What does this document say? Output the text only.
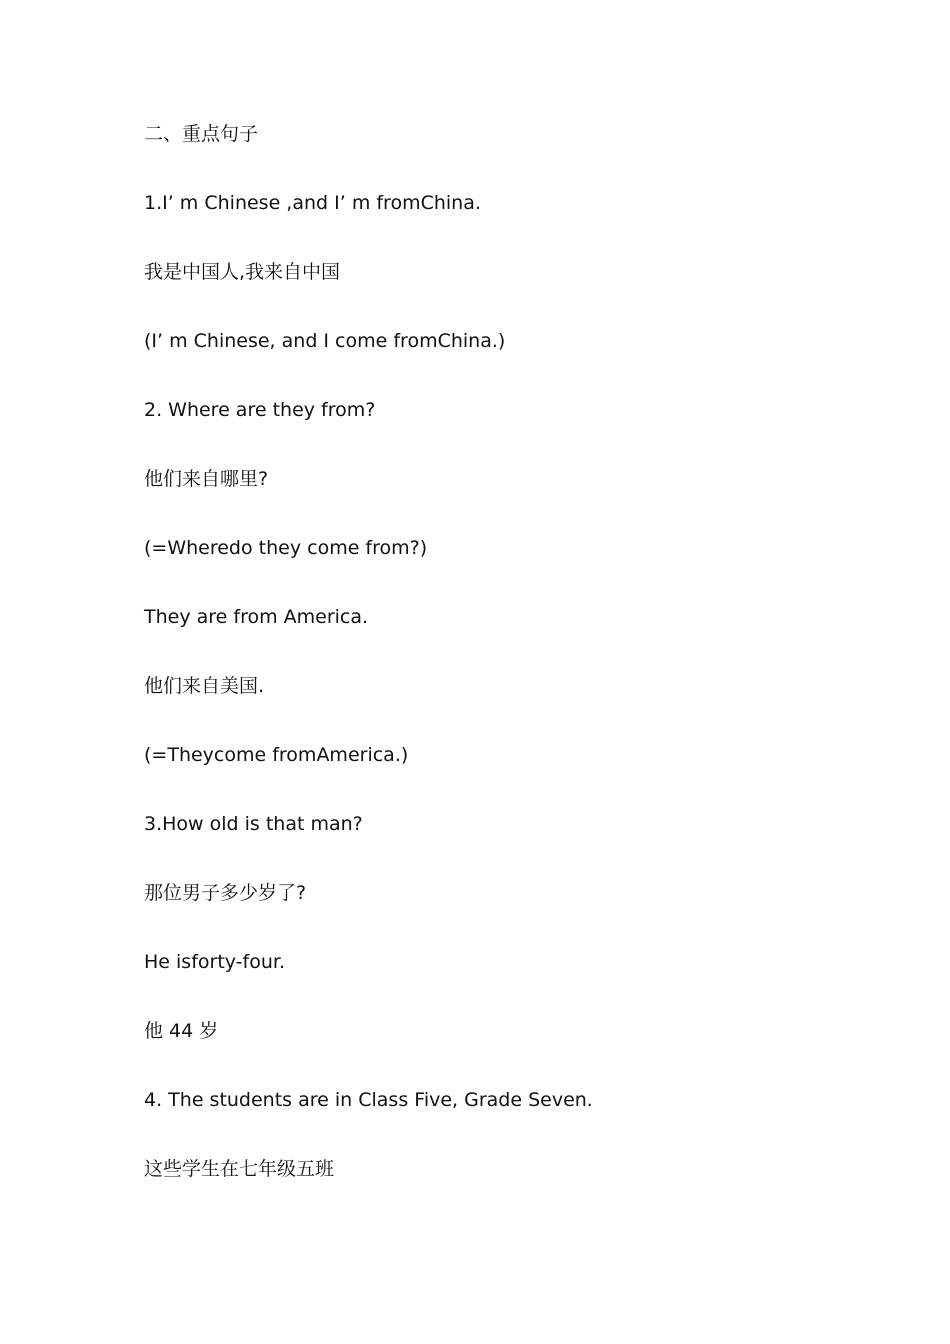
二、重点句子

1.I’ m Chinese ,and I’ m fromChina.

我是中国人,我来自中国

(I’ m Chinese, and I come fromChina.)

2. Where are they from?

他们来自哪里?

(=Wheredo they come from?)

They are from America.

他们来自美国.

(=Theycome fromAmerica.)

3.How old is that man?

那位男子多少岁了?

He isforty-four.

他 44 岁

4. The students are in Class Five, Grade Seven.

这些学生在七年级五班
